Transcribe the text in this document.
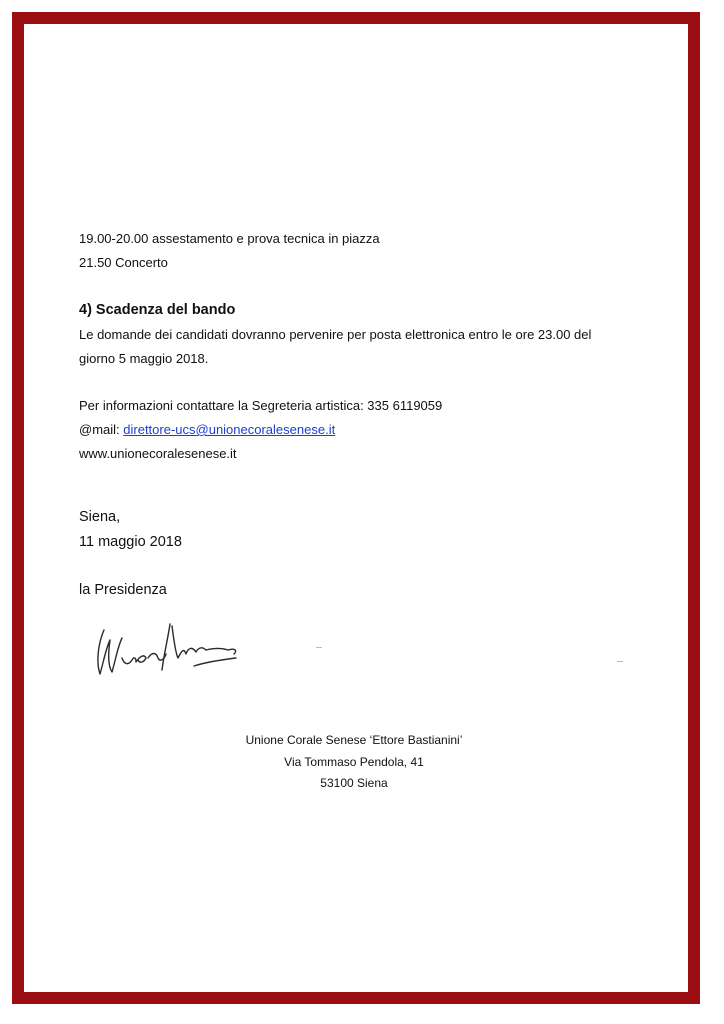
19.00-20.00 assestamento e prova tecnica in piazza
21.50 Concerto
4) Scadenza del bando
Le domande dei candidati dovranno pervenire per posta elettronica entro le ore 23.00 del
giorno 5 maggio 2018.
Per informazioni contattare la Segreteria artistica: 335 6119059
@mail: direttore-ucs@unionecoralesenese.it
www.unionecoralesenese.it
Siena,
11 maggio 2018
la Presidenza
Unione Corale Senese ‘Ettore Bastianini’
Via Tommaso Pendola, 41
53100 Siena
